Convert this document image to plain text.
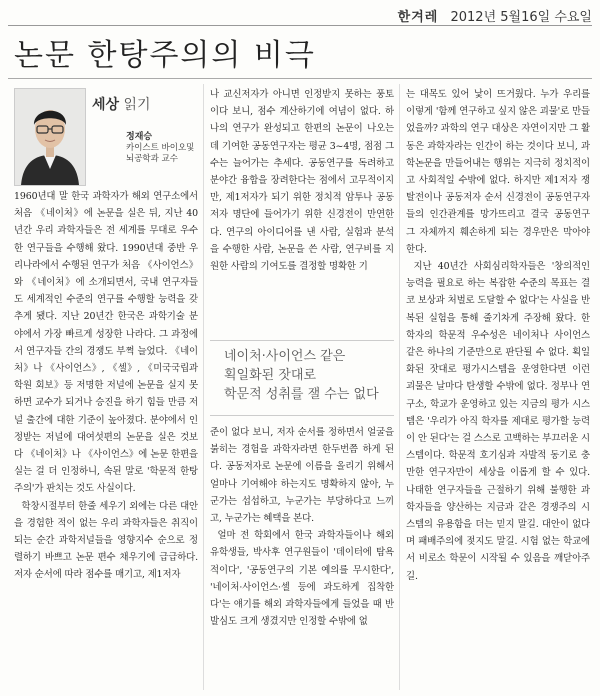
한겨레 2012년 5월16일 수요일
논문 한탕주의의 비극
세상 읽기
정재승
카이스트 바이오및
뇌공학과 교수

1960년대 말 한국 과학자가 해외 연구소에서 처음 《네이처》에 논문을 실은 뒤, 지난 40년간 우리 과학자들은 전 세계를 무대로 우수한 연구들을 수행해 왔다. 1990년대 중반 우리나라에서 수행된 연구가 처음 《사이언스》와 《네이처》에 소개되면서, 국내 연구자들도 세계적인 수준의 연구를 수행할 능력을 갖추게 됐다. 지난 20년간 한국은 과학기술 분야에서 가장 빠르게 성장한 나라다. 그 과정에서 연구자들 간의 경쟁도 부쩍 늘었다. 《네이처》나 《사이언스》, 《셀》, 《미국국립과학원 회보》등 저명한 저널에 논문을 실지 못하면 교수가 되거나 승진을 하기 힘들 만큼 저널 출간에 대한 기준이 높아졌다. 분야에서 인정받는 저널에 대여섯편의 논문을 실은 것보다 《네이처》나 《사이언스》에 논문 한편을 실는 걸 더 인정하니, 속된 말로 '학문적 한탕주의'가 판치는 것도 사실이다.

학창시절부터 한줄 세우기 외에는 다른 대안을 경험한 적이 없는 우리 과학자들은 취직이 되는 순간 과학저널들을 영향지수 순으로 정렬하기 바쁘고 논문 편수 채우기에 급급하다. 저자 순서에 따라 점수를 매기고, 제1저자

나 교신저자가 아니면 인정받지 못하는 풍토이다 보니, 점수 계산하기에 여념이 없다. 하나의 연구가 완성되고 한편의 논문이 나오는 데 기여한 공동연구자는 평균 3~4명, 점점 그 수는 늘어가는 추세다. 공동연구를 독려하고 분야간 융합을 장려한다는 점에서 고무적이지만, 제1저자가 되기 위한 정치적 암투나 공동저자 명단에 들어가기 위한 신경전이 만연한다. 연구의 아이디어를 낸 사람, 실험과 분석을 수행한 사람, 논문을 쓴 사람, 연구비를 지원한 사람의 기여도를 결정할 명확한 기

네이처·사이언스 같은
획일화된 잣대로
학문적 성취를 잴 수는 없다

준이 없다 보니, 저자 순서를 정하면서 얼굴을 붉히는 경험을 과학자라면 한두번쯤 하게 된다. 공동저자로 논문에 이름을 올리기 위해서 얼마나 기여해야 하는지도 명확하지 않아, 누군가는 섭섭하고, 누군가는 부당하다고 느끼고, 누군가는 혜택을 본다.

얼마 전 학회에서 한국 과학자들이나 해외 유학생들, 박사후 연구원들이 '데이터에 탐욕적이다', '공동연구의 기본 예의를 무시한다', '네이처·사이언스·셀 등에 과도하게 집착한다'는 얘기를 해외 과학자들에게 들었을 때 반발심도 크게 생겼지만 인정할 수밖에 없

는 대목도 있어 낯이 뜨거웠다. 누가 우리를 이렇게 '함께 연구하고 싶지 않은 괴물'로 만들었을까? 과학의 연구 대상은 자연이지만 그 활동은 과학자라는 인간이 하는 것이다 보니, 과학논문을 만들어내는 행위는 지극히 정치적이고 사회적일 수밖에 없다. 하지만 제1저자 쟁탈전이나 공동저자 순서 신경전이 공동연구자들의 인간관계를 망가뜨리고 결국 공동연구 그 자체까지 훼손하게 되는 경우만은 막아야 한다.

지난 40년간 사회심리학자들은 '창의적인 능력을 필요로 하는 복잡한 수준의 목표는 결코 보상과 처벌로 도달할 수 없다'는 사실을 반복된 실험을 통해 줄기차게 주장해 왔다. 한 학자의 학문적 우수성은 네이처나 사이언스 같은 하나의 기준만으로 판단될 수 없다. 획일화된 잣대로 평가시스템을 운영한다면 이런 괴물은 날마다 탄생할 수밖에 없다. 정부나 연구소, 학교가 운영하고 있는 지금의 평가 시스템은 '우리가 아직 학자를 제대로 평가할 능력이 안 된다'는 걸 스스로 고백하는 부끄러운 시스템이다. 학문적 호기심과 자발적 동기로 충만한 연구자만이 세상을 이롭게 할 수 있다. 나태한 연구자들을 근절하기 위해 불행한 과학자들을 양산하는 지금과 같은 경쟁주의 시스템의 유용함을 더는 믿지 말길. 대안이 없다며 패배주의에 젖지도 말길. 시험 없는 학교에서 비로소 학문이 시작될 수 있음을 깨닫아주길.
